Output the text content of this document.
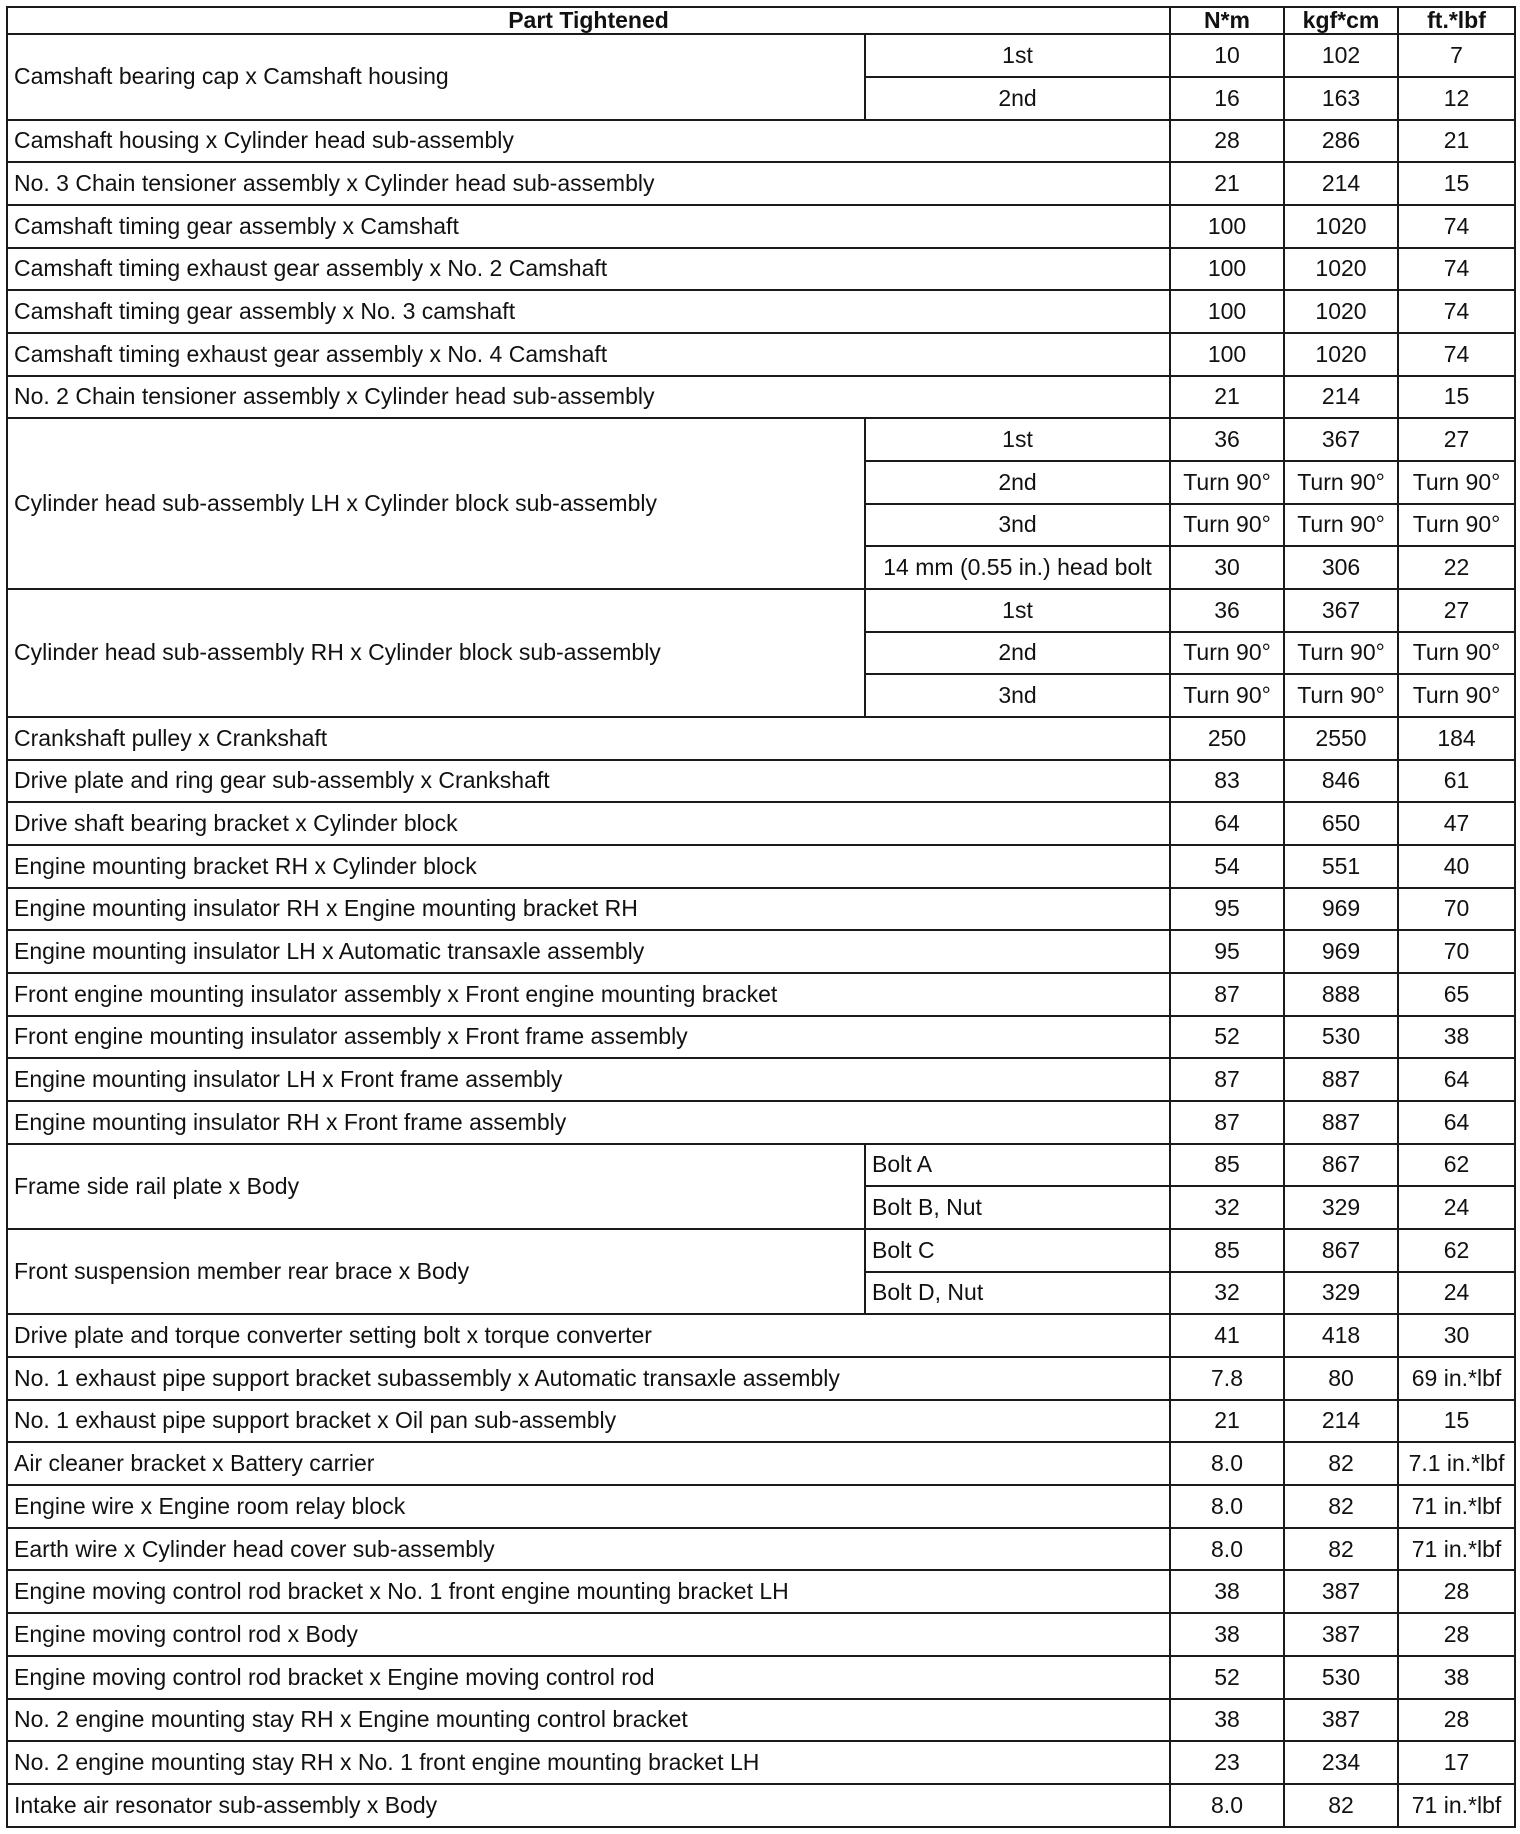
Part Tightened		N*m	kgf*cm	ft.*lbf
Camshaft bearing cap x Camshaft housing	1st	10	102	7
	2nd	16	163	12
Camshaft housing x Cylinder head sub-assembly		28	286	21
No. 3 Chain tensioner assembly x Cylinder head sub-assembly		21	214	15
Camshaft timing gear assembly x Camshaft		100	1020	74
Camshaft timing exhaust gear assembly x No. 2 Camshaft		100	1020	74
Camshaft timing gear assembly x No. 3 camshaft		100	1020	74
Camshaft timing exhaust gear assembly x No. 4 Camshaft		100	1020	74
No. 2 Chain tensioner assembly x Cylinder head sub-assembly		21	214	15
Cylinder head sub-assembly LH x Cylinder block sub-assembly	1st	36	367	27
	2nd	Turn 90°	Turn 90°	Turn 90°
	3nd	Turn 90°	Turn 90°	Turn 90°
	14 mm (0.55 in.) head bolt	30	306	22
Cylinder head sub-assembly RH x Cylinder block sub-assembly	1st	36	367	27
	2nd	Turn 90°	Turn 90°	Turn 90°
	3nd	Turn 90°	Turn 90°	Turn 90°
Crankshaft pulley x Crankshaft		250	2550	184
Drive plate and ring gear sub-assembly x Crankshaft		83	846	61
Drive shaft bearing bracket x Cylinder block		64	650	47
Engine mounting bracket RH x Cylinder block		54	551	40
Engine mounting insulator RH x Engine mounting bracket RH		95	969	70
Engine mounting insulator LH x Automatic transaxle assembly		95	969	70
Front engine mounting insulator assembly x Front engine mounting bracket		87	888	65
Front engine mounting insulator assembly x Front frame assembly		52	530	38
Engine mounting insulator LH x Front frame assembly		87	887	64
Engine mounting insulator RH x Front frame assembly		87	887	64
Frame side rail plate x Body	Bolt A	85	867	62
	Bolt B, Nut	32	329	24
Front suspension member rear brace x Body	Bolt C	85	867	62
	Bolt D, Nut	32	329	24
Drive plate and torque converter setting bolt x torque converter		41	418	30
No. 1 exhaust pipe support bracket subassembly x Automatic transaxle assembly		7.8	80	69 in.*lbf
No. 1 exhaust pipe support bracket x Oil pan sub-assembly		21	214	15
Air cleaner bracket x Battery carrier		8.0	82	7.1 in.*lbf
Engine wire x Engine room relay block		8.0	82	71 in.*lbf
Earth wire x Cylinder head cover sub-assembly		8.0	82	71 in.*lbf
Engine moving control rod bracket x No. 1 front engine mounting bracket LH		38	387	28
Engine moving control rod x Body		38	387	28
Engine moving control rod bracket x Engine moving control rod		52	530	38
No. 2 engine mounting stay RH x Engine mounting control bracket		38	387	28
No. 2 engine mounting stay RH x No. 1 front engine mounting bracket LH		23	234	17
Intake air resonator sub-assembly x Body		8.0	82	71 in.*lbf
